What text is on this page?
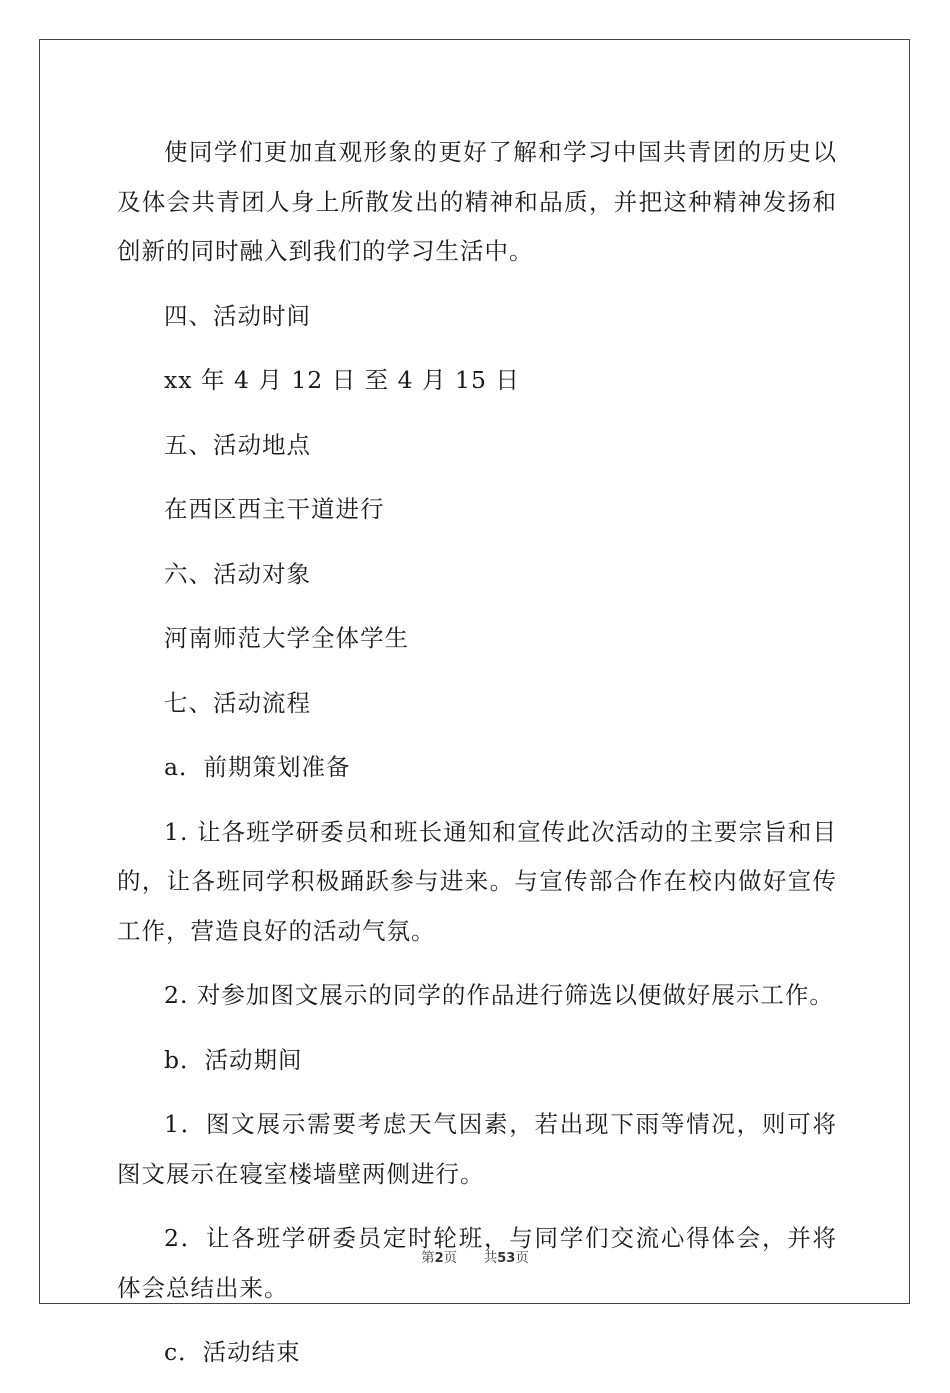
使同学们更加直观形象的更好了解和学习中国共青团的历史以及体会共青团人身上所散发出的精神和品质，并把这种精神发扬和创新的同时融入到我们的学习生活中。

四、活动时间

xx 年 4 月 12 日 至 4 月 15 日

五、活动地点

在西区西主干道进行

六、活动对象

河南师范大学全体学生

七、活动流程

a．前期策划准备

1. 让各班学研委员和班长通知和宣传此次活动的主要宗旨和目的，让各班同学积极踊跃参与进来。与宣传部合作在校内做好宣传工作，营造良好的活动气氛。

2. 对参加图文展示的同学的作品进行筛选以便做好展示工作。

b．活动期间

1．图文展示需要考虑天气因素，若出现下雨等情况，则可将图文展示在寝室楼墙壁两侧进行。

2．让各班学研委员定时轮班，与同学们交流心得体会，并将体会总结出来。

c．活动结束

第2页 共53页
